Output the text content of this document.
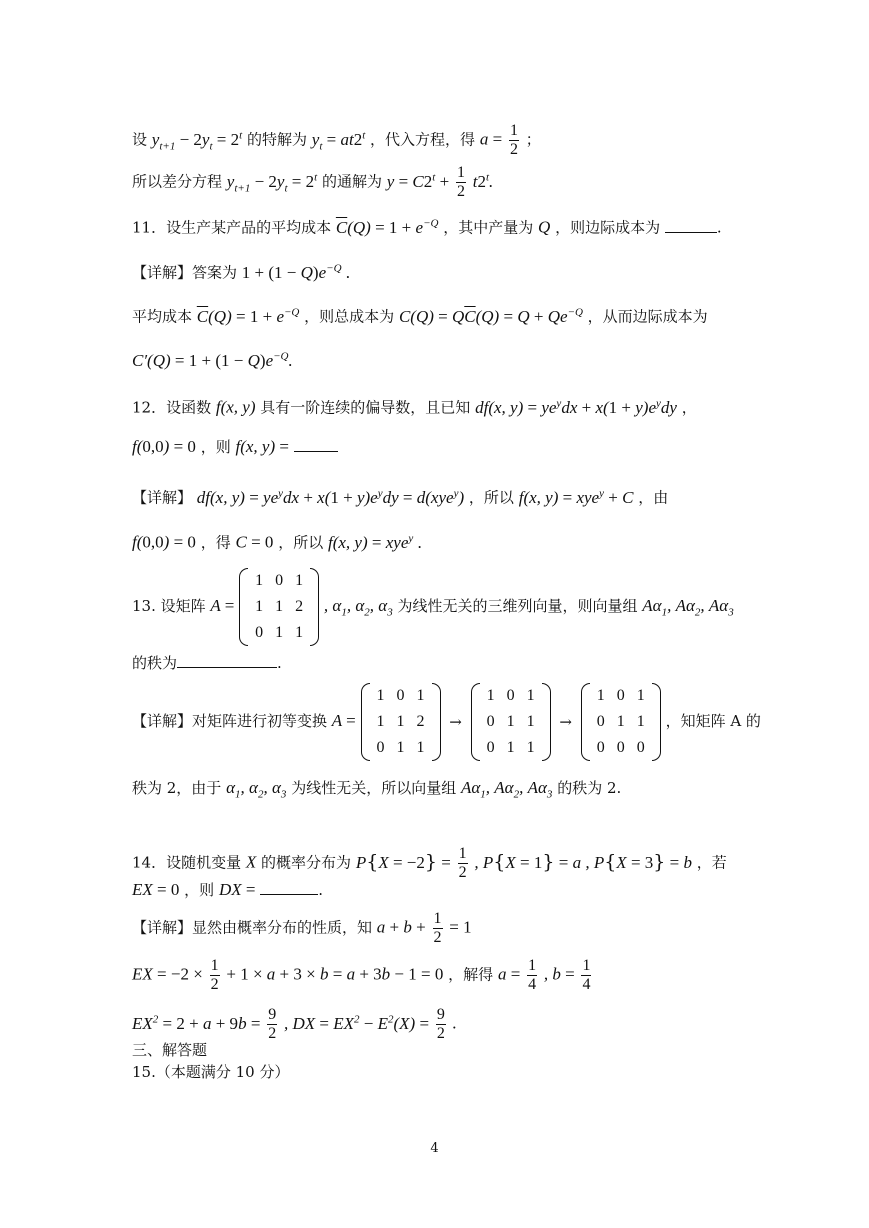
设 $y_{t+1} - 2y_t = 2^t$ 的特解为 $y_t = at2^t$ ，代入方程，得 $a = \frac{1}{2}$ ；
所以差分方程 $y_{t+1} - 2y_t = 2^t$ 的通解为 $y = C2^t + \frac{1}{2} t2^t$.
11．设生产某产品的平均成本 $\overline{C}(Q) = 1 + e^{-Q}$ ，其中产量为 Q ，则边际成本为	.
【详解】答案为 $1 + (1 - Q)e^{-Q}$ .
平均成本 $\overline{C}(Q) = 1 + e^{-Q}$ ，则总成本为 $C(Q) = Q\overline{C}(Q) = Q + Qe^{-Q}$ ，从而边际成本为
$C'(Q) = 1 + (1 - Q)e^{-Q}$.
12．设函数 f(x, y) 具有一阶连续的偏导数，且已知 df(x, $y) = ye^ydx + x(1 + y)e^ydy$ ，
f(0,0) = 0 ，则 f(x, y) =
【详解】 df(x, $y) = ye^ydx + x(1 + y)e^ydy = d(xye^y)$ ，所以 f(x, y) = xye$^y$ + C ，由
f(0,0) = 0 ，得 C = 0 ，所以 f(x, y) = xye$^y$ .
13. 设矩阵 A =
1	0	1
1	1	2
0	1	1
, $\alpha_1$, $\alpha_2$, $\alpha_3$ 为线性无关的三维列向量，则向量组 $A\alpha_1$, $A\alpha_2$, $A\alpha_3$
的秩为	.
【详解】对矩阵进行初等变换 A =
1	0	1
1	1	2
0	1	1
→
1	0	1
0	1	1
0	1	1
→
1	0	1
0	1	1
0	0	0
，知矩阵 A 的
秩为 2，由于 $\alpha_1$, $\alpha_2$, $\alpha_3$ 为线性无关，所以向量组 $A\alpha_1$, $A\alpha_2$, $A\alpha_3$ 的秩为 2.
14．设随机变量 X 的概率分布为 $P\{X = -2\} = \frac{1}{2}$ , P{X = 1} = a , P{X = 3} = b ，若
EX = 0 ，则 DX =	.
【详解】显然由概率分布的性质，知 $a + b + \frac{1}{2} = 1$
EX = $-2 \times \frac{1}{2} + 1 \times a + 3 \times b = a + 3b - 1 = 0$ ，解得 $a = \frac{1}{4}$ , $b = \frac{1}{4}$
$EX^2 = 2 + a + 9b = \frac{9}{2}$ , DX = $EX^2 - E^2(X) = \frac{9}{2}$ .
三、解答题
15.（本题满分 10 分）
4
